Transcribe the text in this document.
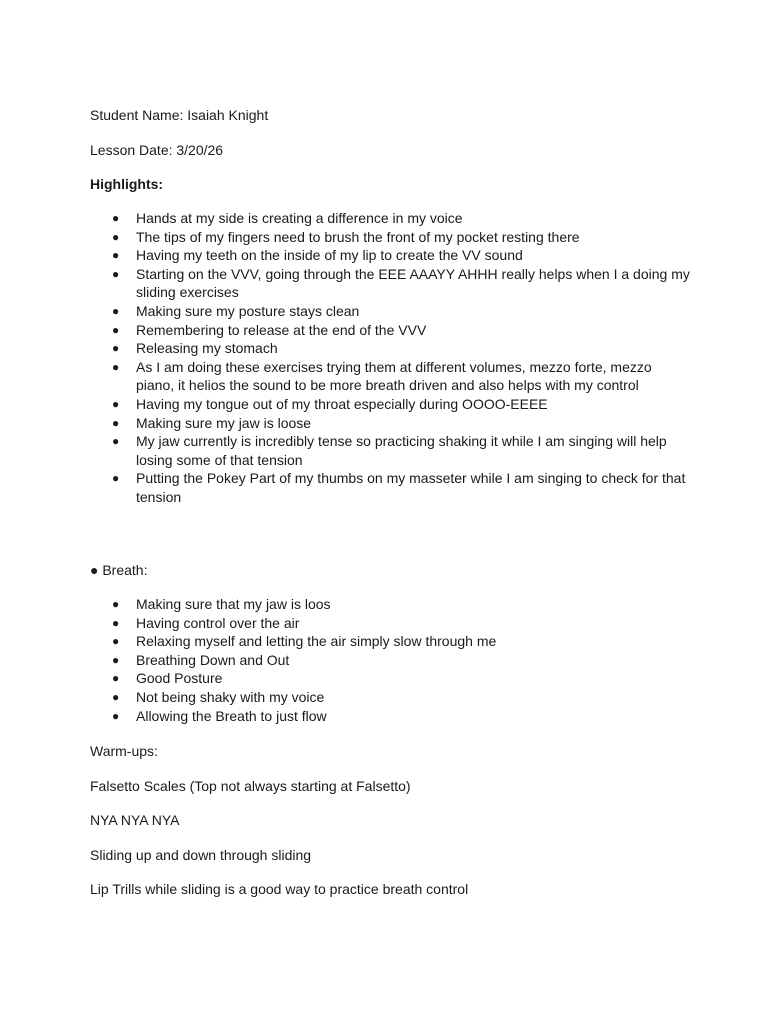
Student Name: Isaiah Knight

Lesson Date: 3/20/26

Highlights:

● Hands at my side is creating a difference in my voice
● The tips of my fingers need to brush the front of my pocket resting there
● Having my teeth on the inside of my lip to create the VV sound
● Starting on the VVV, going through the EEE AAAYY AHHH really helps when I a doing my sliding exercises
● Making sure my posture stays clean
● Remembering to release at the end of the VVV
● Releasing my stomach
● As I am doing these exercises trying them at different volumes, mezzo forte, mezzo piano, it helios the sound to be more breath driven and also helps with my control
● Having my tongue out of my throat especially during OOOO-EEEE
● Making sure my jaw is loose
● My jaw currently is incredibly tense so practicing shaking it while I am singing will help losing some of that tension
● Putting the Pokey Part of my thumbs on my masseter while I am singing to check for that tension

● Breath:

● Making sure that my jaw is loos
● Having control over the air
● Relaxing myself and letting the air simply slow through me
● Breathing Down and Out
● Good Posture
● Not being shaky with my voice
● Allowing the Breath to just flow

Warm-ups:

Falsetto Scales (Top not always starting at Falsetto)

NYA NYA NYA

Sliding up and down through sliding

Lip Trills while sliding is a good way to practice breath control
